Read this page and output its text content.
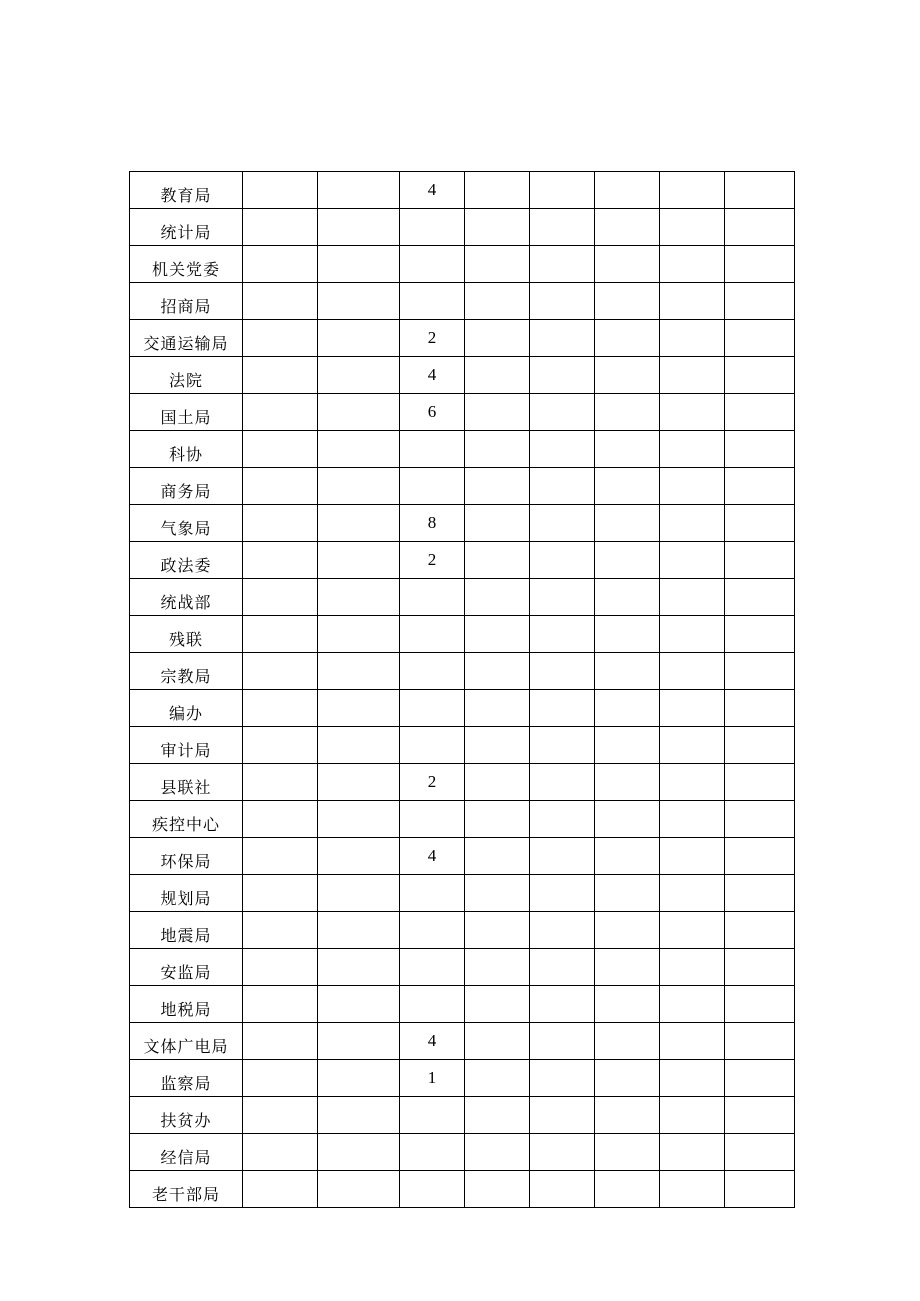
教育局			4					
统计局								
机关党委								
招商局								
交通运输局			2					
法院			4					
国土局			6					
科协								
商务局								
气象局			8					
政法委			2					
统战部								
残联								
宗教局								
编办								
审计局								
县联社			2					
疾控中心								
环保局			4					
规划局								
地震局								
安监局								
地税局								
文体广电局			4					
监察局			1					
扶贫办								
经信局								
老干部局								
